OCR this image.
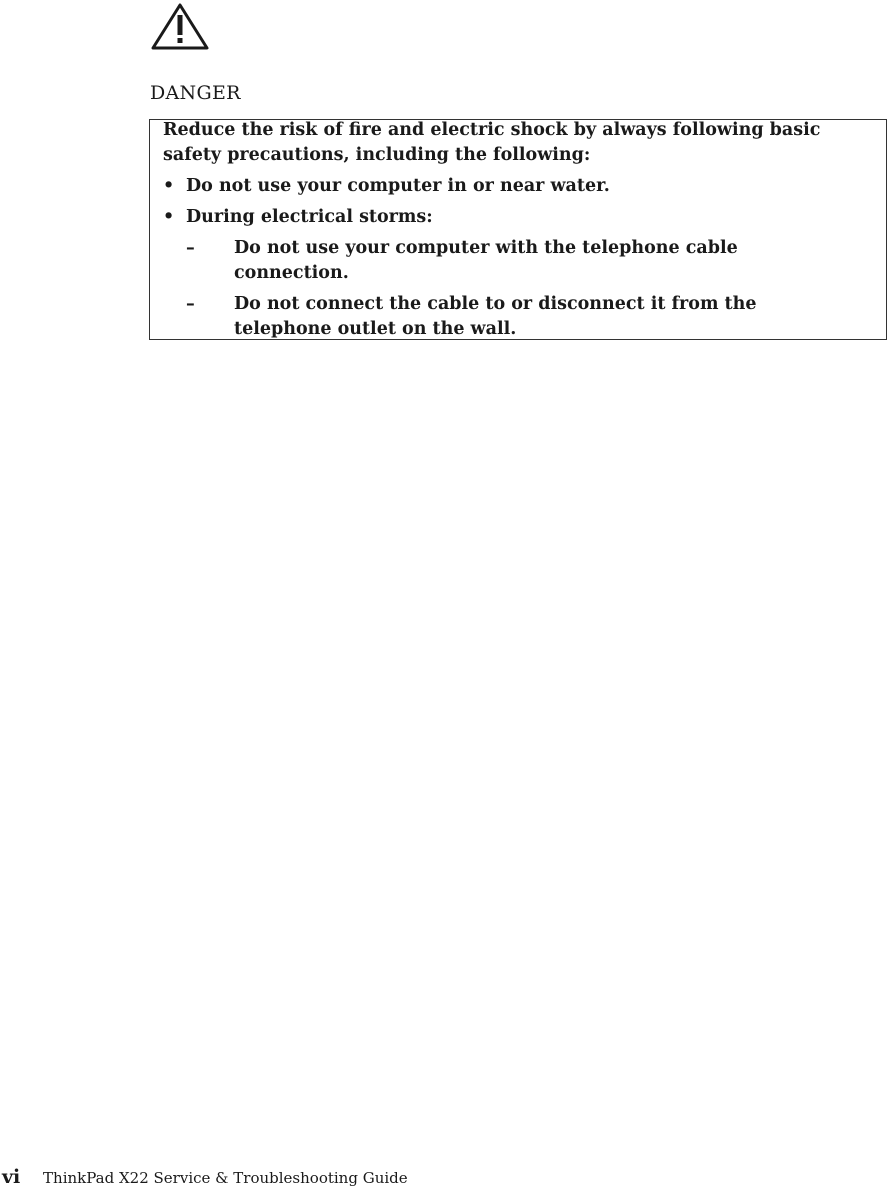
DANGER

Reduce the risk of fire and electric shock by always following basic safety precautions, including the following:

• Do not use your computer in or near water.
• During electrical storms:
– Do not use your computer with the telephone cable connection.
– Do not connect the cable to or disconnect it from the telephone outlet on the wall.
vi ThinkPad X22 Service & Troubleshooting Guide
